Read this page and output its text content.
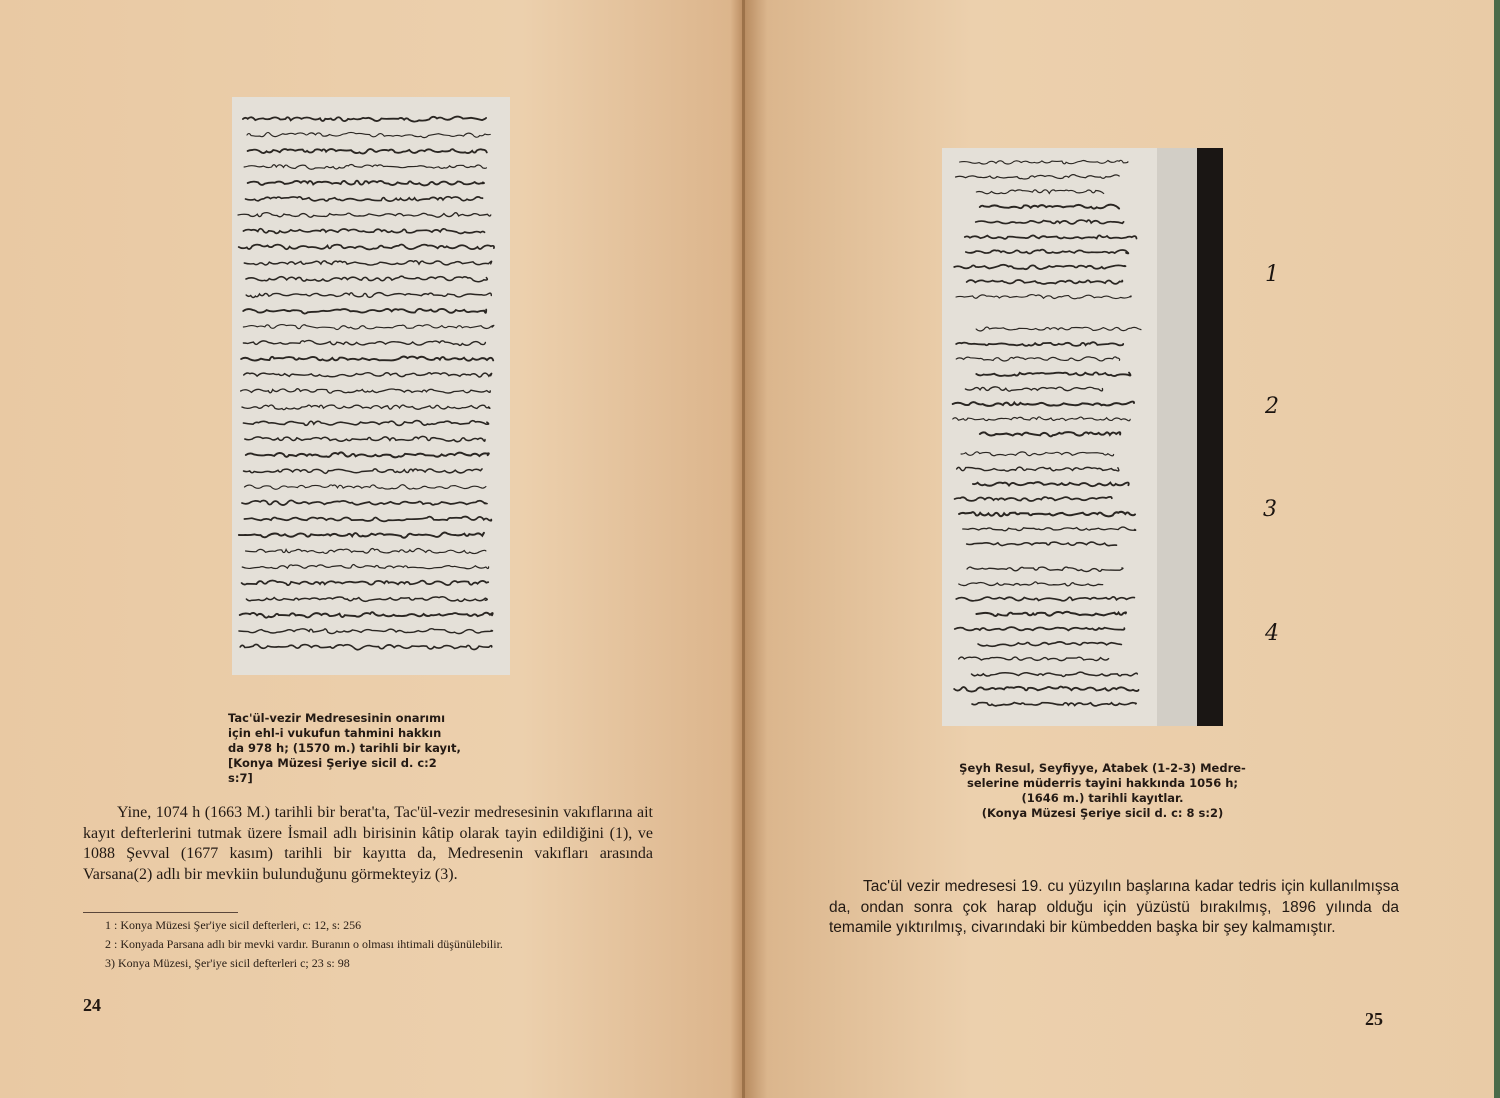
Tac'ül-vezir Medresesinin onarımı
için ehl-i vukufun tahmini hakkın
da 978 h; (1570 m.) tarihli bir kayıt,
[Konya Müzesi Şeriye sicil d. c:2
s:7]

Yine, 1074 h (1663 M.) tarihli bir berat'ta, Tac'ül-vezir medresesinin vakıflarına ait kayıt defterlerini tutmak üzere İsmail adlı birisinin kâtip olarak tayin edildiğini (1), ve 1088 Şevval (1677 kasım) tarihli bir kayıtta da, Medresenin vakıfları arasında Varsana(2) adlı bir mevkiin bulunduğunu görmekteyiz (3).

1 : Konya Müzesi Şer'iye sicil defterleri, c: 12, s: 256
2 : Konyada Parsana adlı bir mevki vardır. Buranın o olması ihtimali düşünülebilir.
3) Konya Müzesi, Şer'iye sicil defterleri c; 23 s: 98
24
1
2
3
4
Şeyh Resul, Seyfiyye, Atabek (1-2-3) Medre-
selerine müderris tayini hakkında 1056 h;
(1646 m.) tarihli kayıtlar.
(Konya Müzesi Şeriye sicil d. c: 8 s:2)

Tac'ül vezir medresesi 19. cu yüzyılın başlarına kadar tedris için kullanılmışsa da, ondan sonra çok harap olduğu için yüzüstü bırakılmış, 1896 yılında da temamile yıktırılmış, civarındaki bir kümbedden başka bir şey kalmamıştır.

25
